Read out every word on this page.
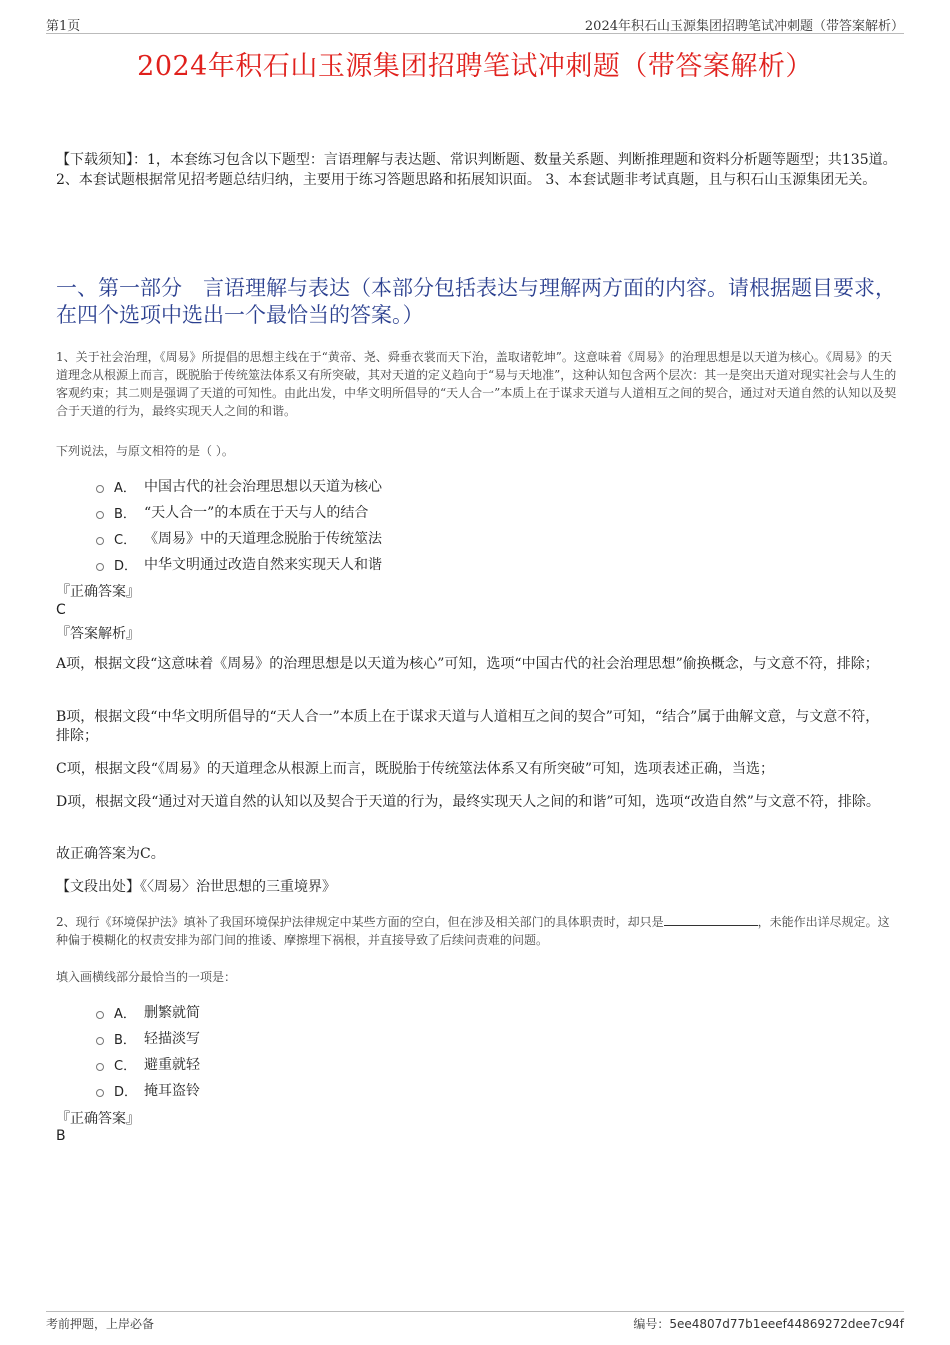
第1页	2024年积石山玉源集团招聘笔试冲刺题（带答案解析）
2024年积石山玉源集团招聘笔试冲刺题（带答案解析）
【下载须知】：1，本套练习包含以下题型：言语理解与表达题、常识判断题、数量关系题、判断推理题和资料分析题等题型；共135道。 2、本套试题根据常见招考题总结归纳，主要用于练习答题思路和拓展知识面。 3、本套试题非考试真题，且与积石山玉源集团无关。
一、第一部分　言语理解与表达（本部分包括表达与理解两方面的内容。请根据题目要求，在四个选项中选出一个最恰当的答案。）
1、关于社会治理，《周易》所提倡的思想主线在于“黄帝、尧、舜垂衣裳而天下治，盖取诸乾坤”。这意味着《周易》的治理思想是以天道为核心。《周易》的天道理念从根源上而言，既脱胎于传统筮法体系又有所突破，其对天道的定义趋向于“易与天地准”，这种认知包含两个层次：其一是突出天道对现实社会与人生的客观约束；其二则是强调了天道的可知性。由此出发，中华文明所倡导的“天人合一”本质上在于谋求天道与人道相互之间的契合，通过对天道自然的认知以及契合于天道的行为，最终实现天人之间的和谐。
下列说法，与原文相符的是（ ）。
A． 中国古代的社会治理思想以天道为核心
B． “天人合一”的本质在于天与人的结合
C． 《周易》中的天道理念脱胎于传统筮法
D． 中华文明通过改造自然来实现天人和谐
『正确答案』
C
『答案解析』
A项，根据文段“这意味着《周易》的治理思想是以天道为核心”可知，选项“中国古代的社会治理思想”偷换概念，与文意不符，排除；
B项，根据文段“中华文明所倡导的“天人合一”本质上在于谋求天道与人道相互之间的契合”可知，“结合”属于曲解文意，与文意不符，排除；
C项，根据文段“《周易》的天道理念从根源上而言，既脱胎于传统筮法体系又有所突破”可知，选项表述正确，当选；
D项，根据文段“通过对天道自然的认知以及契合于天道的行为，最终实现天人之间的和谐”可知，选项“改造自然”与文意不符，排除。
故正确答案为C。
【文段出处】《〈周易〉治世思想的三重境界》
2、现行《环境保护法》填补了我国环境保护法律规定中某些方面的空白，但在涉及相关部门的具体职责时，却只是	，未能作出详尽规定。这种偏于模糊化的权责安排为部门间的推诿、摩擦埋下祸根，并直接导致了后续问责难的问题。
填入画横线部分最恰当的一项是：
A． 删繁就简
B． 轻描淡写
C． 避重就轻
D． 掩耳盗铃
『正确答案』
B
考前押题，上岸必备	编号：5ee4807d77b1eeef44869272dee7c94f
